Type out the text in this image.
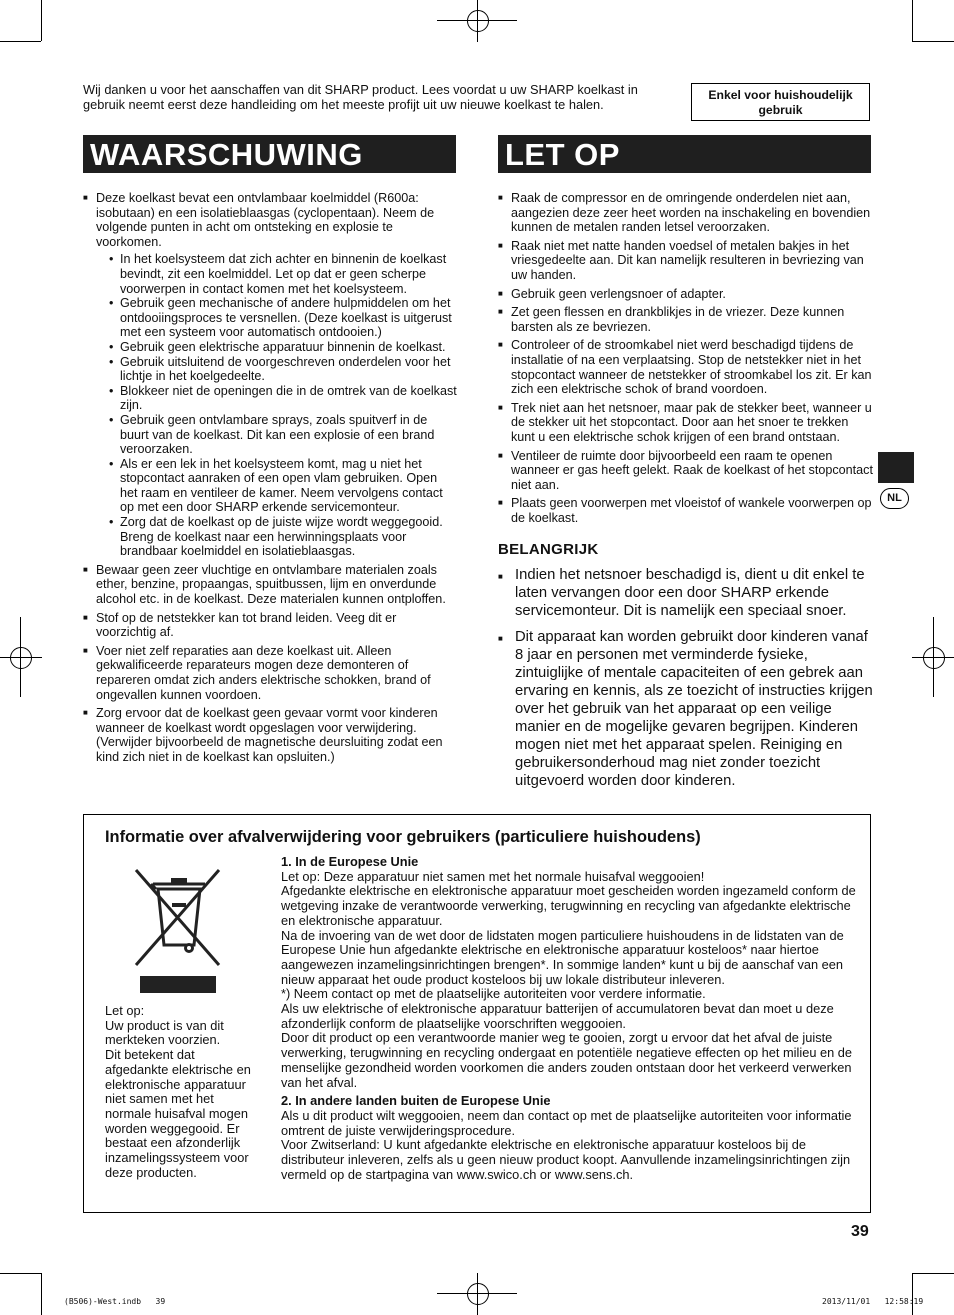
Wij danken u voor het aanschaffen van dit SHARP product. Lees voordat u uw SHARP koelkast in gebruik neemt eerst deze handleiding om het meeste profijt uit uw nieuwe koelkast te halen.
Enkel voor huishoudelijk gebruik
WAARSCHUWING	LET OP
■ Deze koelkast bevat een ontvlambaar koelmiddel (R600a: isobutaan) en een isolatieblaasgas (cyclopentaan). Neem de volgende punten in acht om ontsteking en explosie te voorkomen.
• In het koelsysteem dat zich achter en binnenin de koelkast bevindt, zit een koelmiddel. Let op dat er geen scherpe voorwerpen in contact komen met het koelsysteem.
• Gebruik geen mechanische of andere hulpmiddelen om het ontdooiingsproces te versnellen. (Deze koelkast is uitgerust met een systeem voor automatisch ontdooien.)
• Gebruik geen elektrische apparatuur binnenin de koelkast.
• Gebruik uitsluitend de voorgeschreven onderdelen voor het lichtje in het koelgedeelte.
• Blokkeer niet de openingen die in de omtrek van de koelkast zijn.
• Gebruik geen ontvlambare sprays, zoals spuitverf in de buurt van de koelkast. Dit kan een explosie of een brand veroorzaken.
• Als er een lek in het koelsysteem komt, mag u niet het stopcontact aanraken of een open vlam gebruiken. Open het raam en ventileer de kamer. Neem vervolgens contact op met een door SHARP erkende servicemonteur.
• Zorg dat de koelkast op de juiste wijze wordt weggegooid. Breng de koelkast naar een herwinningsplaats voor brandbaar koelmiddel en isolatieblaasgas.
■ Bewaar geen zeer vluchtige en ontvlambare materialen zoals ether, benzine, propaangas, spuitbussen, lijm en onverdunde alcohol etc. in de koelkast. Deze materialen kunnen ontploffen.
■ Stof op de netstekker kan tot brand leiden. Veeg dit er voorzichtig af.
■ Voer niet zelf reparaties aan deze koelkast uit. Alleen gekwalificeerde reparateurs mogen deze demonteren of repareren omdat zich anders elektrische schokken, brand of ongevallen kunnen voordoen.
■ Zorg ervoor dat de koelkast geen gevaar vormt voor kinderen wanneer de koelkast wordt opgeslagen voor verwijdering. (Verwijder bijvoorbeeld de magnetische deursluiting zodat een kind zich niet in de koelkast kan opsluiten.)
■ Raak de compressor en de omringende onderdelen niet aan, aangezien deze zeer heet worden na inschakeling en bovendien kunnen de metalen randen letsel veroorzaken.
■ Raak niet met natte handen voedsel of metalen bakjes in het vriesgedeelte aan. Dit kan namelijk resulteren in bevriezing van uw handen.
■ Gebruik geen verlengsnoer of adapter.
■ Zet geen flessen en drankblikjes in de vriezer. Deze kunnen barsten als ze bevriezen.
■ Controleer of de stroomkabel niet werd beschadigd tijdens de installatie of na een verplaatsing. Stop de netstekker niet in het stopcontact wanneer de netstekker of stroomkabel los zit. Er kan zich een elektrische schok of brand voordoen.
■ Trek niet aan het netsnoer, maar pak de stekker beet, wanneer u de stekker uit het stopcontact. Door aan het snoer te trekken kunt u een elektrische schok krijgen of een brand ontstaan.
■ Ventileer de ruimte door bijvoorbeeld een raam te openen wanneer er gas heeft gelekt. Raak de koelkast of het stopcontact niet aan.
■ Plaats geen voorwerpen met vloeistof of wankele voorwerpen op de koelkast.
BELANGRIJK
■ Indien het netsnoer beschadigd is, dient u dit enkel te laten vervangen door een door SHARP erkende servicemonteur. Dit is namelijk een speciaal snoer.
■ Dit apparaat kan worden gebruikt door kinderen vanaf 8 jaar en personen met verminderde fysieke, zintuiglijke of mentale capaciteiten of een gebrek aan ervaring en kennis, als ze toezicht of instructies krijgen over het gebruik van het apparaat op een veilige manier en de mogelijke gevaren begrijpen. Kinderen mogen niet met het apparaat spelen. Reiniging en gebruikersonderhoud mag niet zonder toezicht uitgevoerd worden door kinderen.
Informatie over afvalverwijdering voor gebruikers (particuliere huishoudens)
Let op:
Uw product is van dit merkteken voorzien.
Dit betekent dat afgedankte elektrische en elektronische apparatuur niet samen met het normale huisafval mogen worden weggegooid. Er bestaat een afzonderlijk inzamelingssysteem voor deze producten.
1. In de Europese Unie
Let op: Deze apparatuur niet samen met het normale huisafval weggooien!
Afgedankte elektrische en elektronische apparatuur moet gescheiden worden ingezameld conform de wetgeving inzake de verantwoorde verwerking, terugwinning en recycling van afgedankte elektrische en elektronische apparatuur.
Na de invoering van de wet door de lidstaten mogen particuliere huishoudens in de lidstaten van de Europese Unie hun afgedankte elektrische en elektronische apparatuur kosteloos* naar hiertoe aangewezen inzamelingsinrichtingen brengen*. In sommige landen* kunt u bij de aanschaf van een nieuw apparaat het oude product kosteloos bij uw lokale distributeur inleveren.
*) Neem contact op met de plaatselijke autoriteiten voor verdere informatie.
Als uw elektrische of elektronische apparatuur batterijen of accumulatoren bevat dan moet u deze afzonderlijk conform de plaatselijke voorschriften weggooien.
Door dit product op een verantwoorde manier weg te gooien, zorgt u ervoor dat het afval de juiste verwerking, terugwinning en recycling ondergaat en potentiële negatieve effecten op het milieu en de menselijke gezondheid worden voorkomen die anders zouden ontstaan door het verkeerd verwerken van het afval.
2. In andere landen buiten de Europese Unie
Als u dit product wilt weggooien, neem dan contact op met de plaatselijke autoriteiten voor informatie omtrent de juiste verwijderingsprocedure.
Voor Zwitserland: U kunt afgedankte elektrische en elektronische apparatuur kosteloos bij de distributeur inleveren, zelfs als u geen nieuw product koopt. Aanvullende inzamelingsinrichtingen zijn vermeld op de startpagina van www.swico.ch or www.sens.ch.
NL
39
(B506)-West.indb   39	2013/11/01   12:58:19
